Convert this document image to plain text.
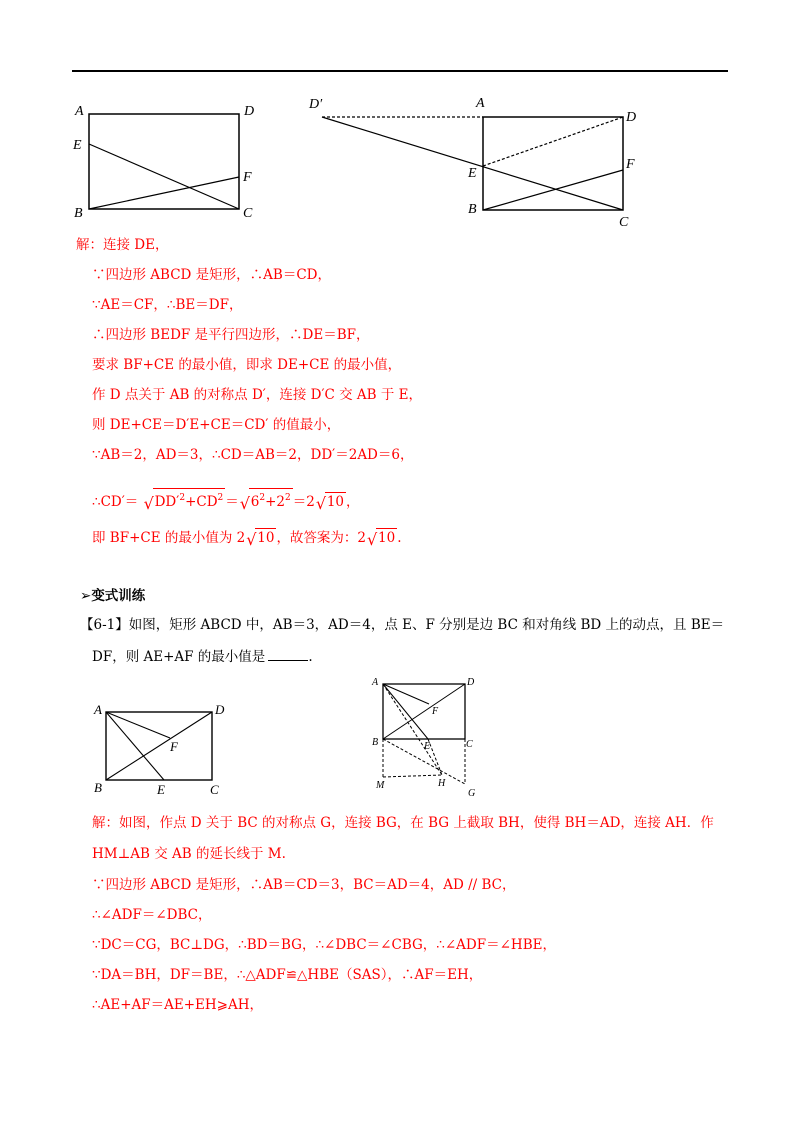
A	D
E
F
B	C
D′	A
D
E
F
B
C
解：连接 DE，
∵四边形 ABCD 是矩形，∴AB＝CD，
∵AE＝CF，∴BE＝DF，
∴四边形 BEDF 是平行四边形，∴DE＝BF，
要求 BF+CE 的最小值，即求 DE+CE 的最小值，
作 D 点关于 AB 的对称点 D′，连接 D′C 交 AB 于 E，
则 DE+CE＝D′E+CE＝CD′ 的值最小，
∵AB＝2，AD＝3，∴CD＝AB＝2，DD′＝2AD＝6，
∴CD′＝ √ $DD'^2+CD^2$ ＝ √ $6^2+2^2 =2$ √ 10 ，
即 BF+CE 的最小值为 2 √ 10 ，故答案为：2 √ 10 .
➢变式训练
【6-1】如图，矩形 ABCD 中，AB＝3，AD＝4，点 E、F 分别是边 BC 和对角线 BD 上的动点，且 BE＝
DF，则 AE+AF 的最小值是	.
A	D
F
B	E	C
A	D
F
B	E	C
M	H
G
解：如图，作点 D 关于 BC 的对称点 G，连接 BG，在 BG 上截取 BH，使得 BH＝AD，连接 AH．作
HM⊥AB 交 AB 的延长线于 M.
∵四边形 ABCD 是矩形，∴AB＝CD＝3，BC＝AD＝4，AD // BC，
∴∠ADF＝∠DBC，
∵DC＝CG，BC⊥DG，∴BD＝BG，∴∠DBC＝∠CBG，∴∠ADF＝∠HBE，
∵DA＝BH，DF＝BE，∴△ADF≌△HBE（SAS），∴AF＝EH，
∴AE+AF＝AE+EH⩾AH，
